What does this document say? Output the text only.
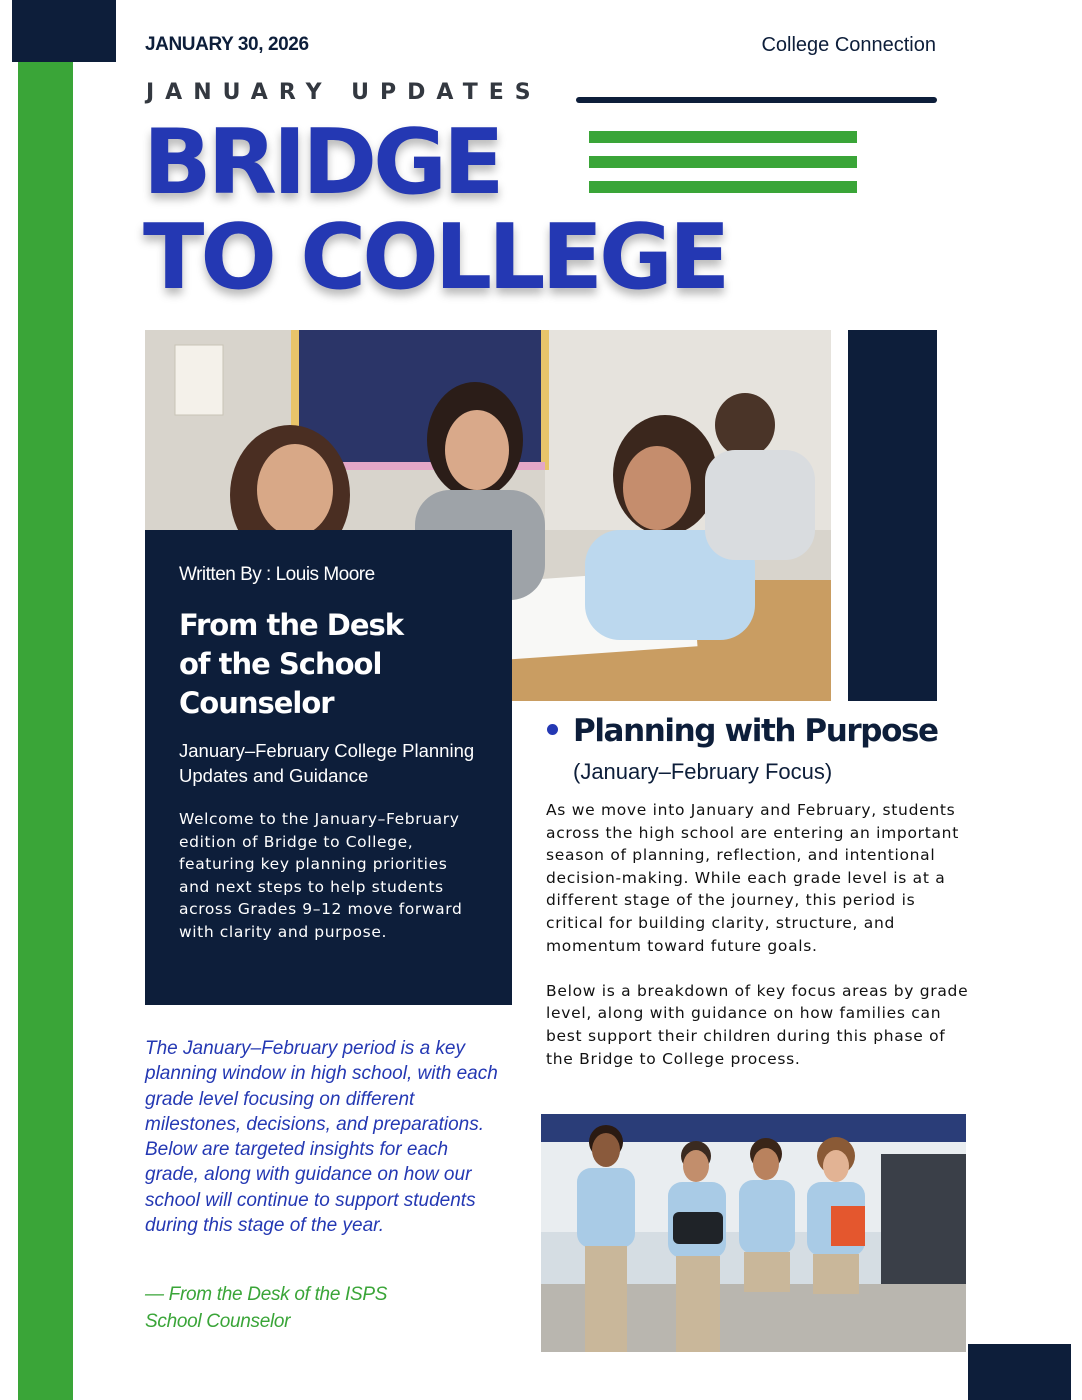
JANUARY 30, 2026	College Connection
JANUARY UPDATES
BRIDGE
TO COLLEGE
Written By : Louis Moore
From the Desk
of the School
Counselor
January–February College Planning Updates and Guidance
Welcome to the January–February edition of Bridge to College, featuring key planning priorities and next steps to help students across Grades 9–12 move forward with clarity and purpose.
The January–February period is a key planning window in high school, with each grade level focusing on different milestones, decisions, and preparations. Below are targeted insights for each grade, along with guidance on how our school will continue to support students during this stage of the year.
— From the Desk of the ISPS
School Counselor
Planning with Purpose
(January–February Focus)

As we move into January and February, students across the high school are entering an important season of planning, reflection, and intentional decision-making. While each grade level is at a different stage of the journey, this period is critical for building clarity, structure, and momentum toward future goals.

Below is a breakdown of key focus areas by grade level, along with guidance on how families can best support their children during this phase of the Bridge to College process.
